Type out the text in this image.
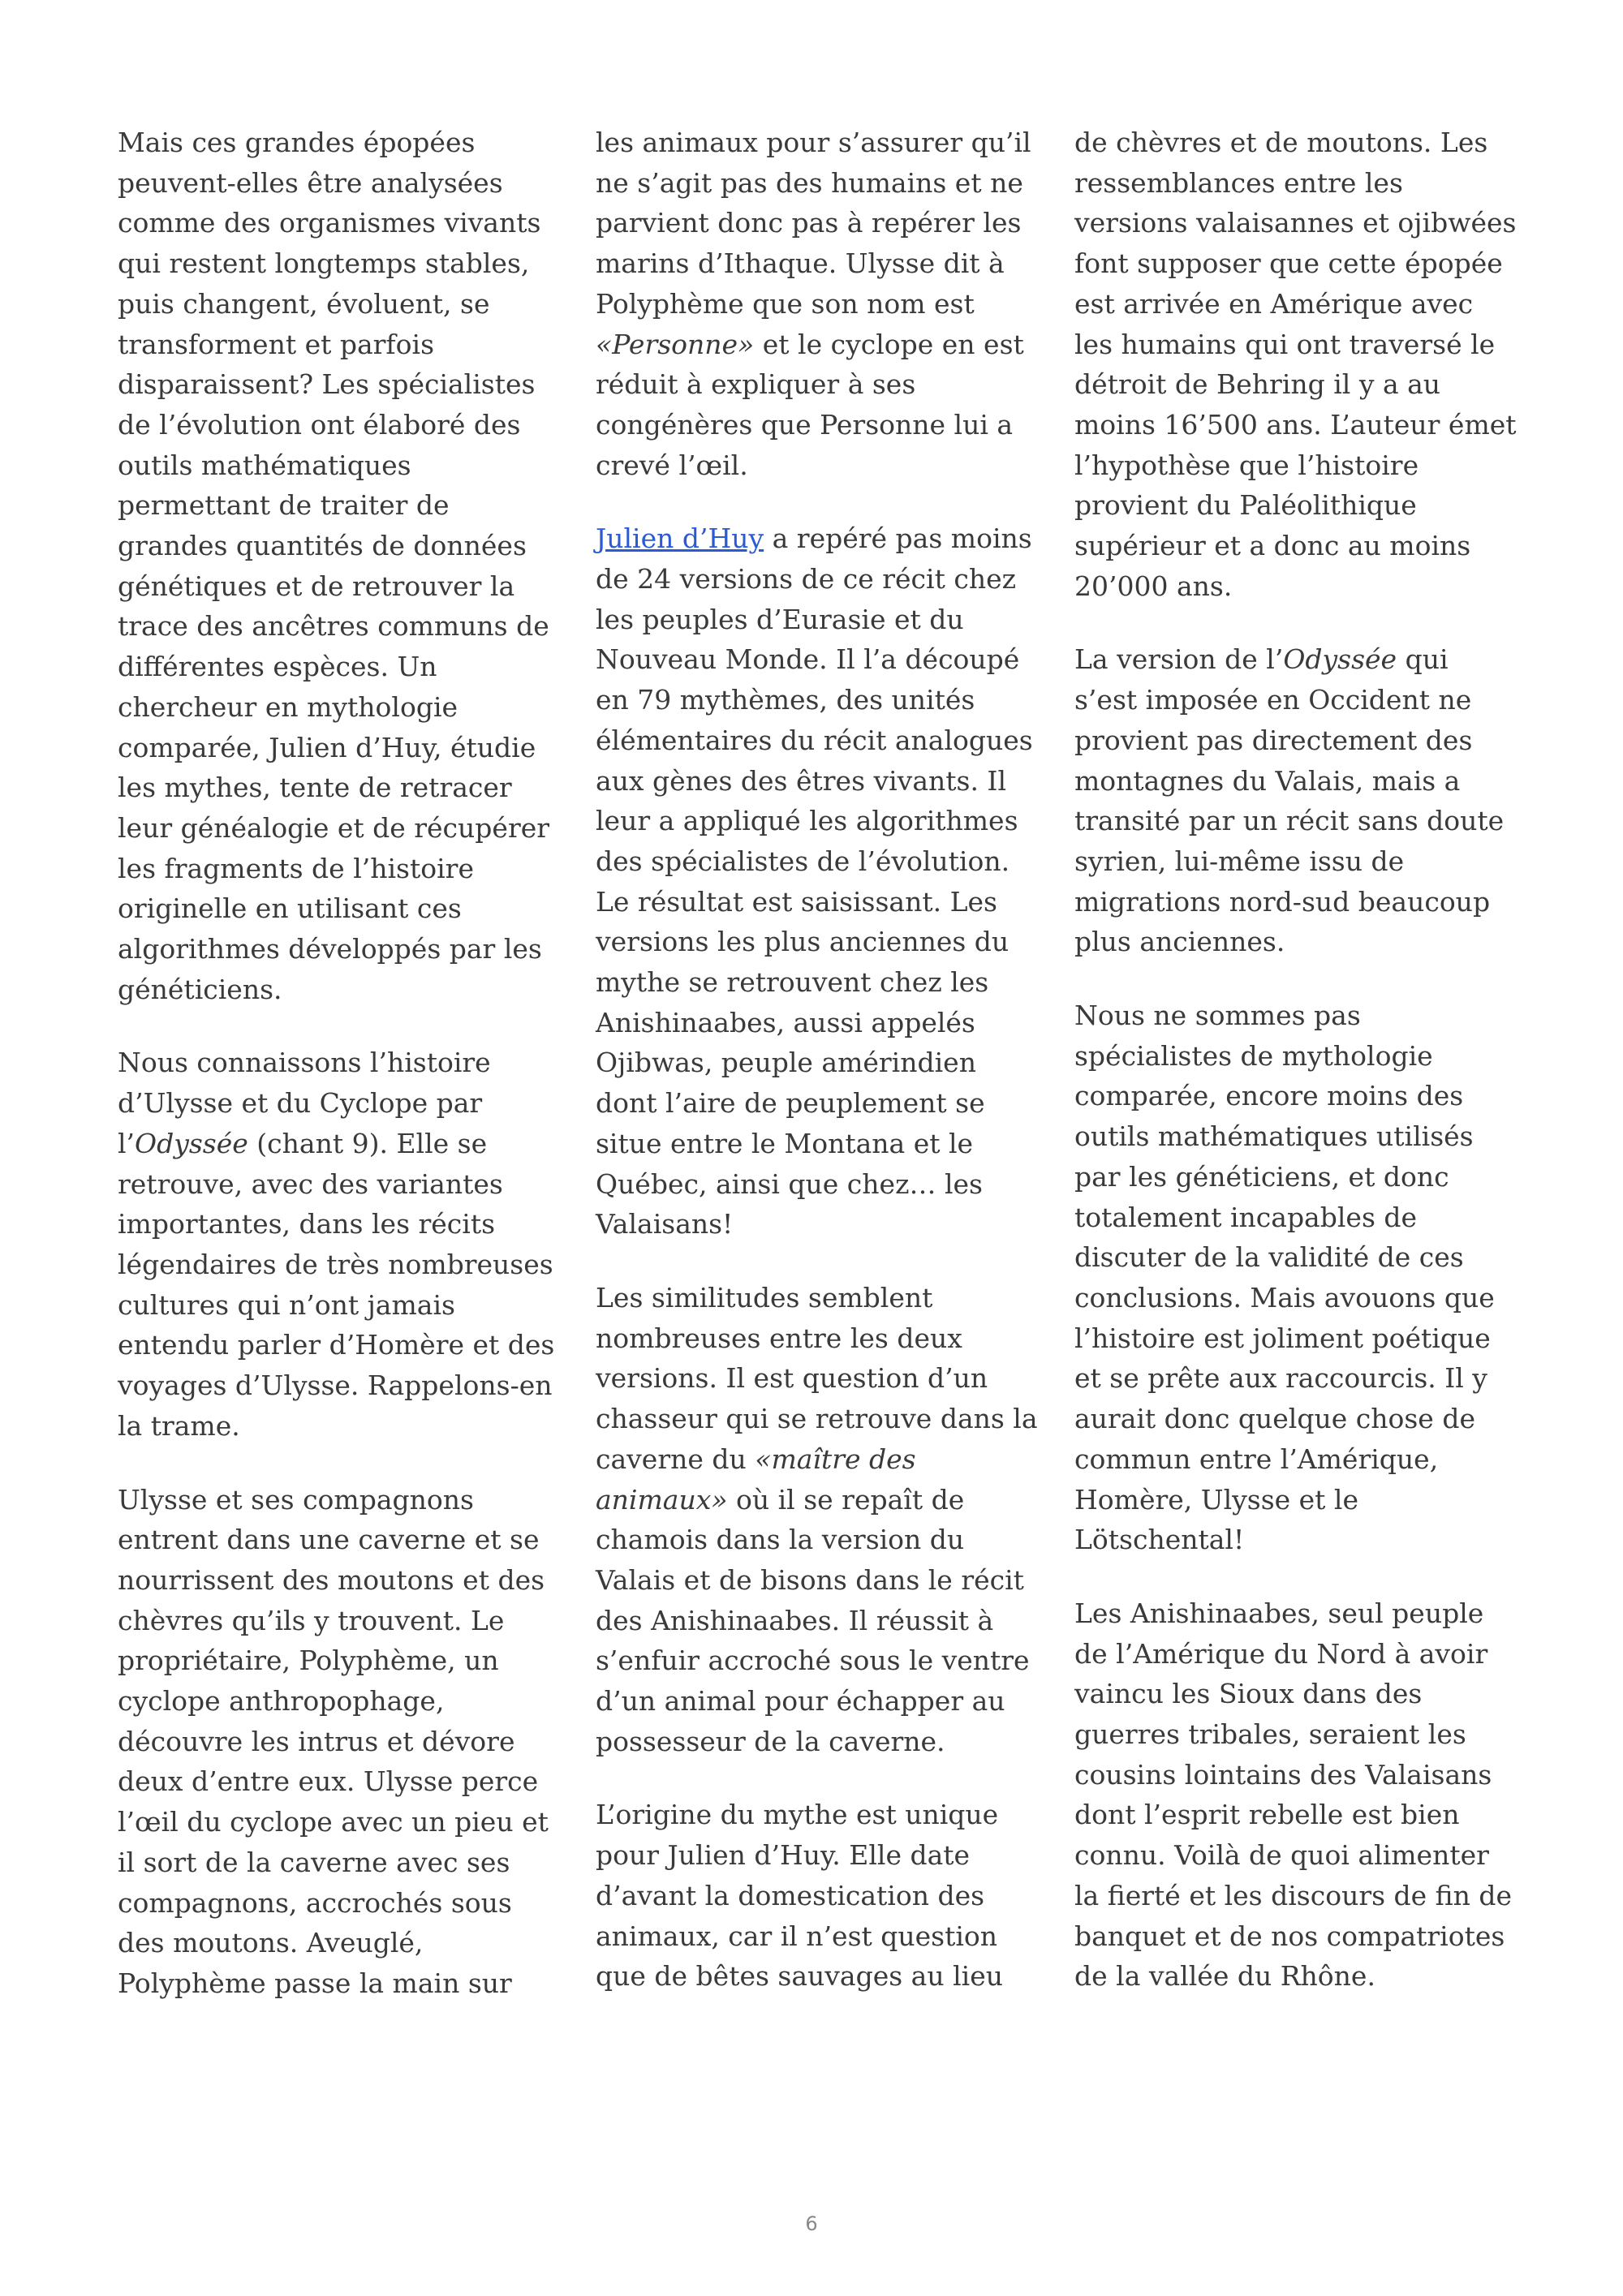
Mais ces grandes épopées peuvent-elles être analysées comme des organismes vivants qui restent longtemps stables, puis changent, évoluent, se transforment et parfois disparaissent? Les spécialistes de l’évolution ont élaboré des outils mathématiques permettant de traiter de grandes quantités de données génétiques et de retrouver la trace des ancêtres communs de différentes espèces. Un chercheur en mythologie comparée, Julien d’Huy, étudie les mythes, tente de retracer leur généalogie et de récupérer les fragments de l’histoire originelle en utilisant ces algorithmes développés par les généticiens.

Nous connaissons l’histoire d’Ulysse et du Cyclope par l’Odyssée (chant 9). Elle se retrouve, avec des variantes importantes, dans les récits légendaires de très nombreuses cultures qui n’ont jamais entendu parler d’Homère et des voyages d’Ulysse. Rappelons-en la trame.

Ulysse et ses compagnons entrent dans une caverne et se nourrissent des moutons et des chèvres qu’ils y trouvent. Le propriétaire, Polyphème, un cyclope anthropophage, découvre les intrus et dévore deux d’entre eux. Ulysse perce l’œil du cyclope avec un pieu et il sort de la caverne avec ses compagnons, accrochés sous des moutons. Aveuglé, Polyphème passe la main sur

les animaux pour s’assurer qu’il ne s’agit pas des humains et ne parvient donc pas à repérer les marins d’Ithaque. Ulysse dit à Polyphème que son nom est «Personne» et le cyclope en est réduit à expliquer à ses congénères que Personne lui a crevé l’œil.

Julien d’Huy a repéré pas moins de 24 versions de ce récit chez les peuples d’Eurasie et du Nouveau Monde. Il l’a découpé en 79 mythèmes, des unités élémentaires du récit analogues aux gènes des êtres vivants. Il leur a appliqué les algorithmes des spécialistes de l’évolution. Le résultat est saisissant. Les versions les plus anciennes du mythe se retrouvent chez les Anishinaabes, aussi appelés Ojibwas, peuple amérindien dont l’aire de peuplement se situe entre le Montana et le Québec, ainsi que chez… les Valaisans!

Les similitudes semblent nombreuses entre les deux versions. Il est question d’un chasseur qui se retrouve dans la caverne du «maître des animaux» où il se repaît de chamois dans la version du Valais et de bisons dans le récit des Anishinaabes. Il réussit à s’enfuir accroché sous le ventre d’un animal pour échapper au possesseur de la caverne.

L’origine du mythe est unique pour Julien d’Huy. Elle date d’avant la domestication des animaux, car il n’est question que de bêtes sauvages au lieu

de chèvres et de moutons. Les ressemblances entre les versions valaisannes et ojibwées font supposer que cette épopée est arrivée en Amérique avec les humains qui ont traversé le détroit de Behring il y a au moins 16’500 ans. L’auteur émet l’hypothèse que l’histoire provient du Paléolithique supérieur et a donc au moins 20’000 ans.

La version de l’Odyssée qui s’est imposée en Occident ne provient pas directement des montagnes du Valais, mais a transité par un récit sans doute syrien, lui-même issu de migrations nord-sud beaucoup plus anciennes.

Nous ne sommes pas spécialistes de mythologie comparée, encore moins des outils mathématiques utilisés par les généticiens, et donc totalement incapables de discuter de la validité de ces conclusions. Mais avouons que l’histoire est joliment poétique et se prête aux raccourcis. Il y aurait donc quelque chose de commun entre l’Amérique, Homère, Ulysse et le Lötschental!

Les Anishinaabes, seul peuple de l’Amérique du Nord à avoir vaincu les Sioux dans des guerres tribales, seraient les cousins lointains des Valaisans dont l’esprit rebelle est bien connu. Voilà de quoi alimenter la fierté et les discours de fin de banquet et de nos compatriotes de la vallée du Rhône.

6
